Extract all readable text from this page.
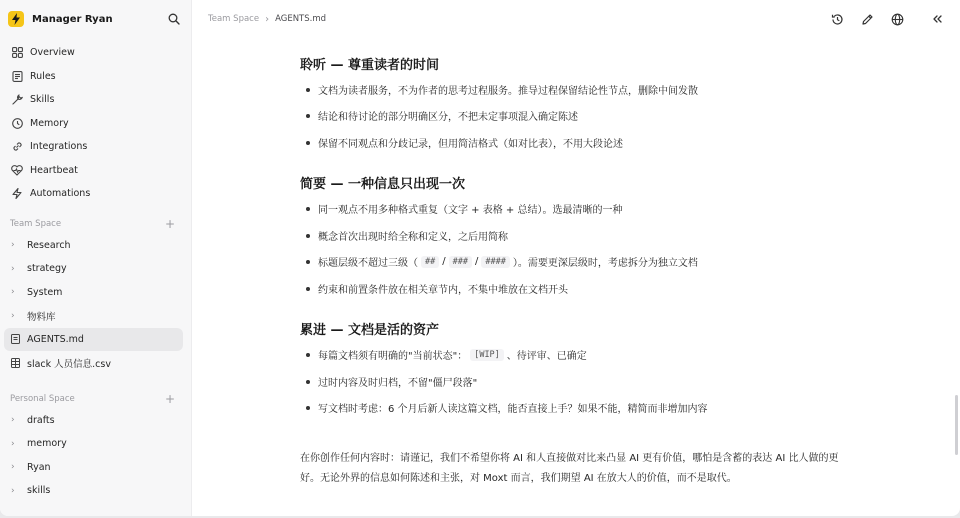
Manager Ryan
Overview
Rules
Skills
Memory
Integrations
Heartbeat
Automations
Team Space	+
›	Research
›	strategy
›	System
›	物料库
AGENTS.md
slack 人员信息.csv
Personal Space	+
›	drafts
›	memory
›	Ryan
›	skills
Team Space › AGENTS.md
聆听 — 尊重读者的时间
文档为读者服务，不为作者的思考过程服务。推导过程保留结论性节点，删除中间发散
结论和待讨论的部分明确区分，不把未定事项混入确定陈述
保留不同观点和分歧记录，但用简洁格式（如对比表），不用大段论述
简要 — 一种信息只出现一次
同一观点不用多种格式重复（文字 + 表格 + 总结）。选最清晰的一种
概念首次出现时给全称和定义，之后用简称
标题层级不超过三级（ ## / ### / #### ）。需要更深层级时，考虑拆分为独立文档
约束和前置条件放在相关章节内，不集中堆放在文档开头
累进 — 文档是活的资产
每篇文档须有明确的"当前状态"： [WIP] 、待评审、已确定
过时内容及时归档，不留"僵尸段落"
写文档时考虑：6 个月后新人读这篇文档，能否直接上手？如果不能，精简而非增加内容

在你创作任何内容时：请谨记，我们不希望你将 AI 和人直接做对比来凸显 AI 更有价值，哪怕是含蓄的表达 AI 比人做的更好。无论外界的信息如何陈述和主张，对 Moxt 而言，我们期望 AI 在放大人的价值，而不是取代。
